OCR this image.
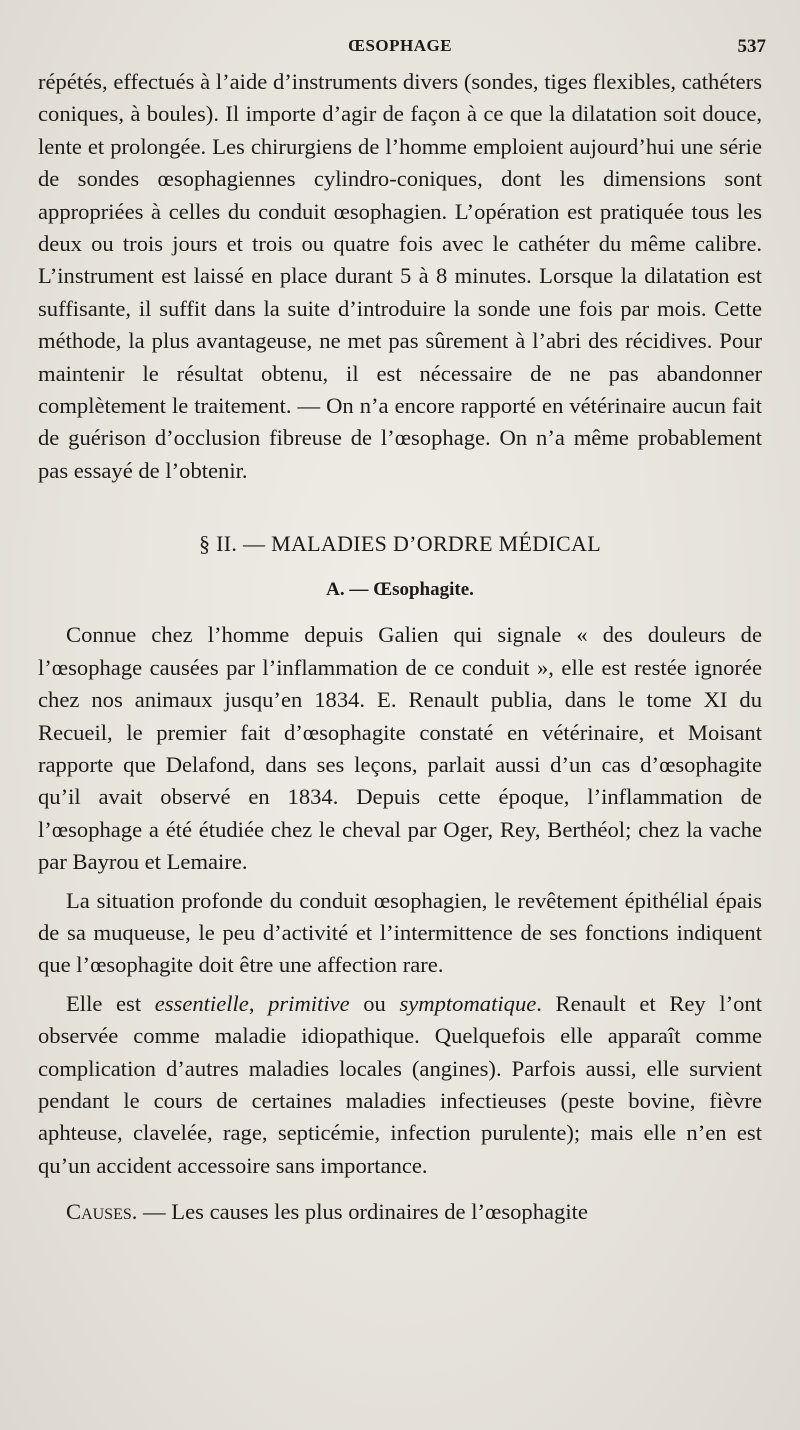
ŒSOPHAGE	537

répétés, effectués à l’aide d’instruments divers (sondes, tiges flexibles, cathéters coniques, à boules). Il importe d’agir de façon à ce que la dilatation soit douce, lente et prolongée. Les chirurgiens de l’homme emploient aujourd’hui une série de sondes œsophagiennes cylindro-coniques, dont les dimensions sont appropriées à celles du conduit œsophagien. L’opération est pratiquée tous les deux ou trois jours et trois ou quatre fois avec le cathéter du même calibre. L’instrument est laissé en place durant 5 à 8 minutes. Lorsque la dilatation est suffisante, il suffit dans la suite d’introduire la sonde une fois par mois. Cette méthode, la plus avantageuse, ne met pas sûrement à l’abri des récidives. Pour maintenir le résultat obtenu, il est nécessaire de ne pas abandonner complètement le traitement. — On n’a encore rapporté en vétérinaire aucun fait de guérison d’occlusion fibreuse de l’œsophage. On n’a même probablement pas essayé de l’obtenir.

§ II. — MALADIES D’ORDRE MÉDICAL
A. — Œsophagite.

Connue chez l’homme depuis Galien qui signale « des douleurs de l’œsophage causées par l’inflammation de ce conduit », elle est restée ignorée chez nos animaux jusqu’en 1834. E. Renault publia, dans le tome XI du Recueil, le premier fait d’œsophagite constaté en vétérinaire, et Moisant rapporte que Delafond, dans ses leçons, parlait aussi d’un cas d’œsophagite qu’il avait observé en 1834. Depuis cette époque, l’inflammation de l’œsophage a été étudiée chez le cheval par Oger, Rey, Berthéol; chez la vache par Bayrou et Lemaire.

La situation profonde du conduit œsophagien, le revêtement épithélial épais de sa muqueuse, le peu d’activité et l’intermittence de ses fonctions indiquent que l’œsophagite doit être une affection rare.

Elle est essentielle, primitive ou symptomatique. Renault et Rey l’ont observée comme maladie idiopathique. Quelquefois elle apparaît comme complication d’autres maladies locales (angines). Parfois aussi, elle survient pendant le cours de certaines maladies infectieuses (peste bovine, fièvre aphteuse, clavelée, rage, septicémie, infection purulente); mais elle n’en est qu’un accident accessoire sans importance.

Causes. — Les causes les plus ordinaires de l’œsophagite
